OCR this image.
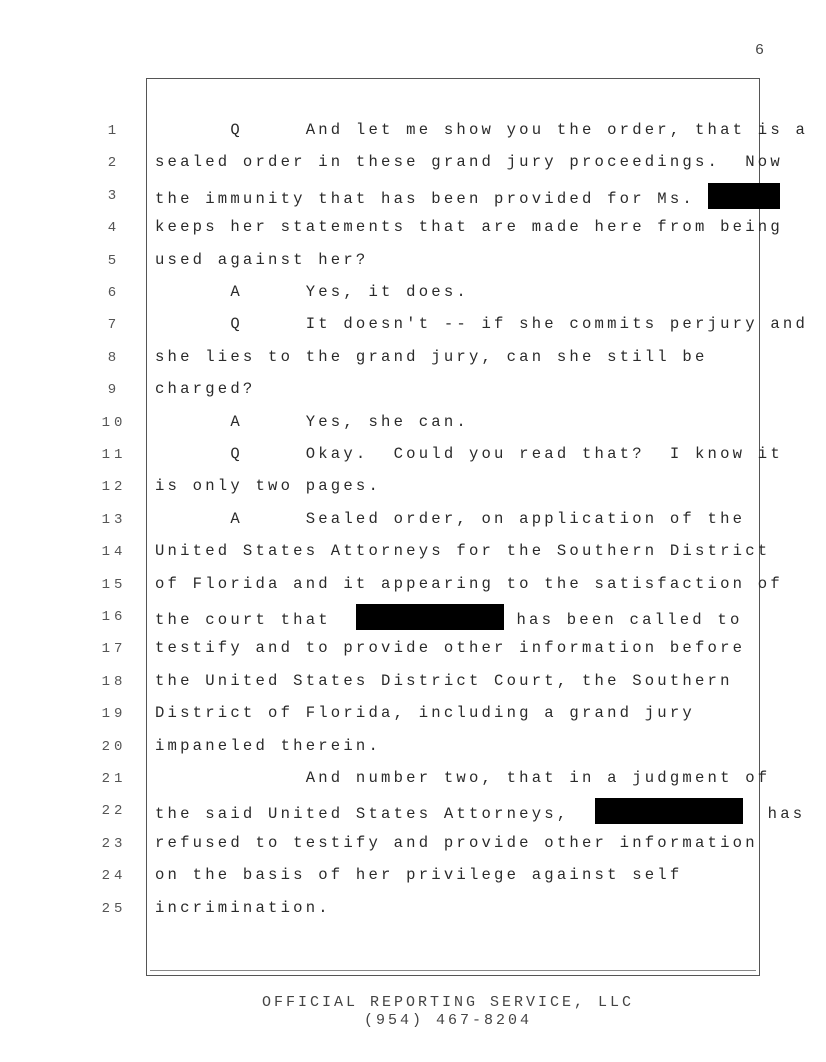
6
1	Q     And let me show you the order, that is a
2	sealed order in these grand jury proceedings.  Now
3	the immunity that has been provided for Ms.
4	keeps her statements that are made here from being
5	used against her?
6	A     Yes, it does.
7	Q     It doesn't -- if she commits perjury and
8	she lies to the grand jury, can she still be
9	charged?
10	A     Yes, she can.
11	Q     Okay.  Could you read that?  I know it
12	is only two pages.
13	A     Sealed order, on application of the
14	United States Attorneys for the Southern District
15	of Florida and it appearing to the satisfaction of
16	the court that	has been called to
17	testify and to provide other information before
18	the United States District Court, the Southern
19	District of Florida, including a grand jury
20	impaneled therein.
21	And number two, that in a judgment of
22	the said United States Attorneys,	has
23	refused to testify and provide other information
24	on the basis of her privilege against self
25	incrimination.
OFFICIAL REPORTING SERVICE, LLC
(954) 467-8204
